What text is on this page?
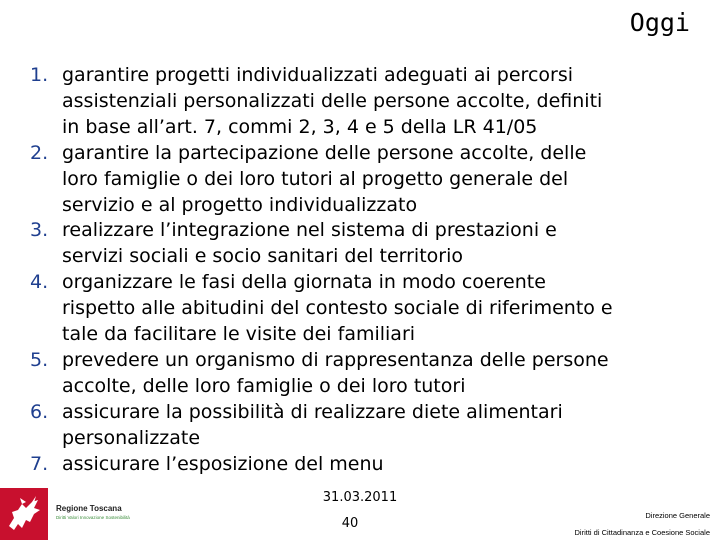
Oggi
1. garantire progetti individualizzati adeguati ai percorsi
assistenziali personalizzati delle persone accolte, definiti
in base all’art. 7, commi 2, 3, 4 e 5 della LR 41/05
2. garantire la partecipazione delle persone accolte, delle
loro famiglie o dei loro tutori al progetto generale del
servizio e al progetto individualizzato
3. realizzare l’integrazione nel sistema di prestazioni e
servizi sociali e socio sanitari del territorio
4. organizzare le fasi della giornata in modo coerente
rispetto alle abitudini del contesto sociale di riferimento e
tale da facilitare le visite dei familiari
5. prevedere un organismo di rappresentanza delle persone
accolte, delle loro famiglie o dei loro tutori
6. assicurare la possibilità di realizzare diete alimentari
personalizzate
7. assicurare l’esposizione del menu
Regione Toscana
Diritti Valori Innovazione Sostenibilità
31.03.2011
40
Direzione Generale
Diritti di Cittadinanza e Coesione Sociale
